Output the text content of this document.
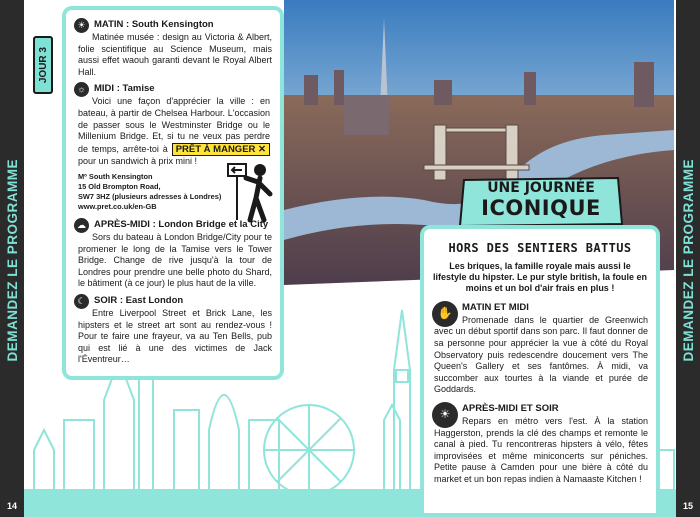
DEMANDEZ LE PROGRAMME	DEMANDEZ LE PROGRAMME
14	15
JOUR 3
☀ MATIN : South Kensington
Matinée musée : design au Victoria & Albert, folie scientifique au Science Museum, mais aussi effet waouh garanti devant le Royal Albert Hall.
☼ MIDI : Tamise
Voici une façon d'apprécier la ville : en bateau, à partir de Chelsea Harbour. L'occasion de passer sous le Westminster Bridge ou le Millenium Bridge. Et, si tu ne veux pas perdre de temps, arrête-toi à PRÊT À MANGER ✕ pour un sandwich à prix mini !
Mº South Kensington
15 Old Brompton Road,
SW7 3HZ (plusieurs adresses à Londres)
www.pret.co.uk/en-GB
☁ APRÈS-MIDI : London Bridge et la City
Sors du bateau à London Bridge/City pour te promener le long de la Tamise vers le Tower Bridge. Change de rive jusqu'à la tour de Londres pour prendre une belle photo du Shard, le bâtiment (à ce jour) le plus haut de la ville.
☾ SOIR : East London
Entre Liverpool Street et Brick Lane, les hipsters et le street art sont au rendez-vous ! Pour te faire une frayeur, va au Ten Bells, pub qui est lié à une des victimes de Jack l'Éventreur…
UNE JOURNÉE
ICONIQUE
HORS DES SENTIERS BATTUS
Les briques, la famille royale mais aussi le lifestyle du hipster. Le pur style british, la foule en moins et un bol d'air frais en plus !
✋	MATIN ET MIDI
Promenade dans le quartier de Greenwich avec un début sportif dans son parc. Il faut donner de sa personne pour apprécier la vue à côté du Royal Observatory puis redescendre doucement vers The Queen's Gallery et ses fantômes. À midi, va succomber aux tourtes à la viande et purée de Goddards.
☀	APRÈS-MIDI ET SOIR
Repars en métro vers l'est. À la station Haggerston, prends la clé des champs et remonte le canal à pied. Tu rencontreras hipsters à vélo, fêtes improvisées et même miniconcerts sur péniches. Petite pause à Camden pour une bière à côté du market et un bon repas indien à Namaaste Kitchen !
